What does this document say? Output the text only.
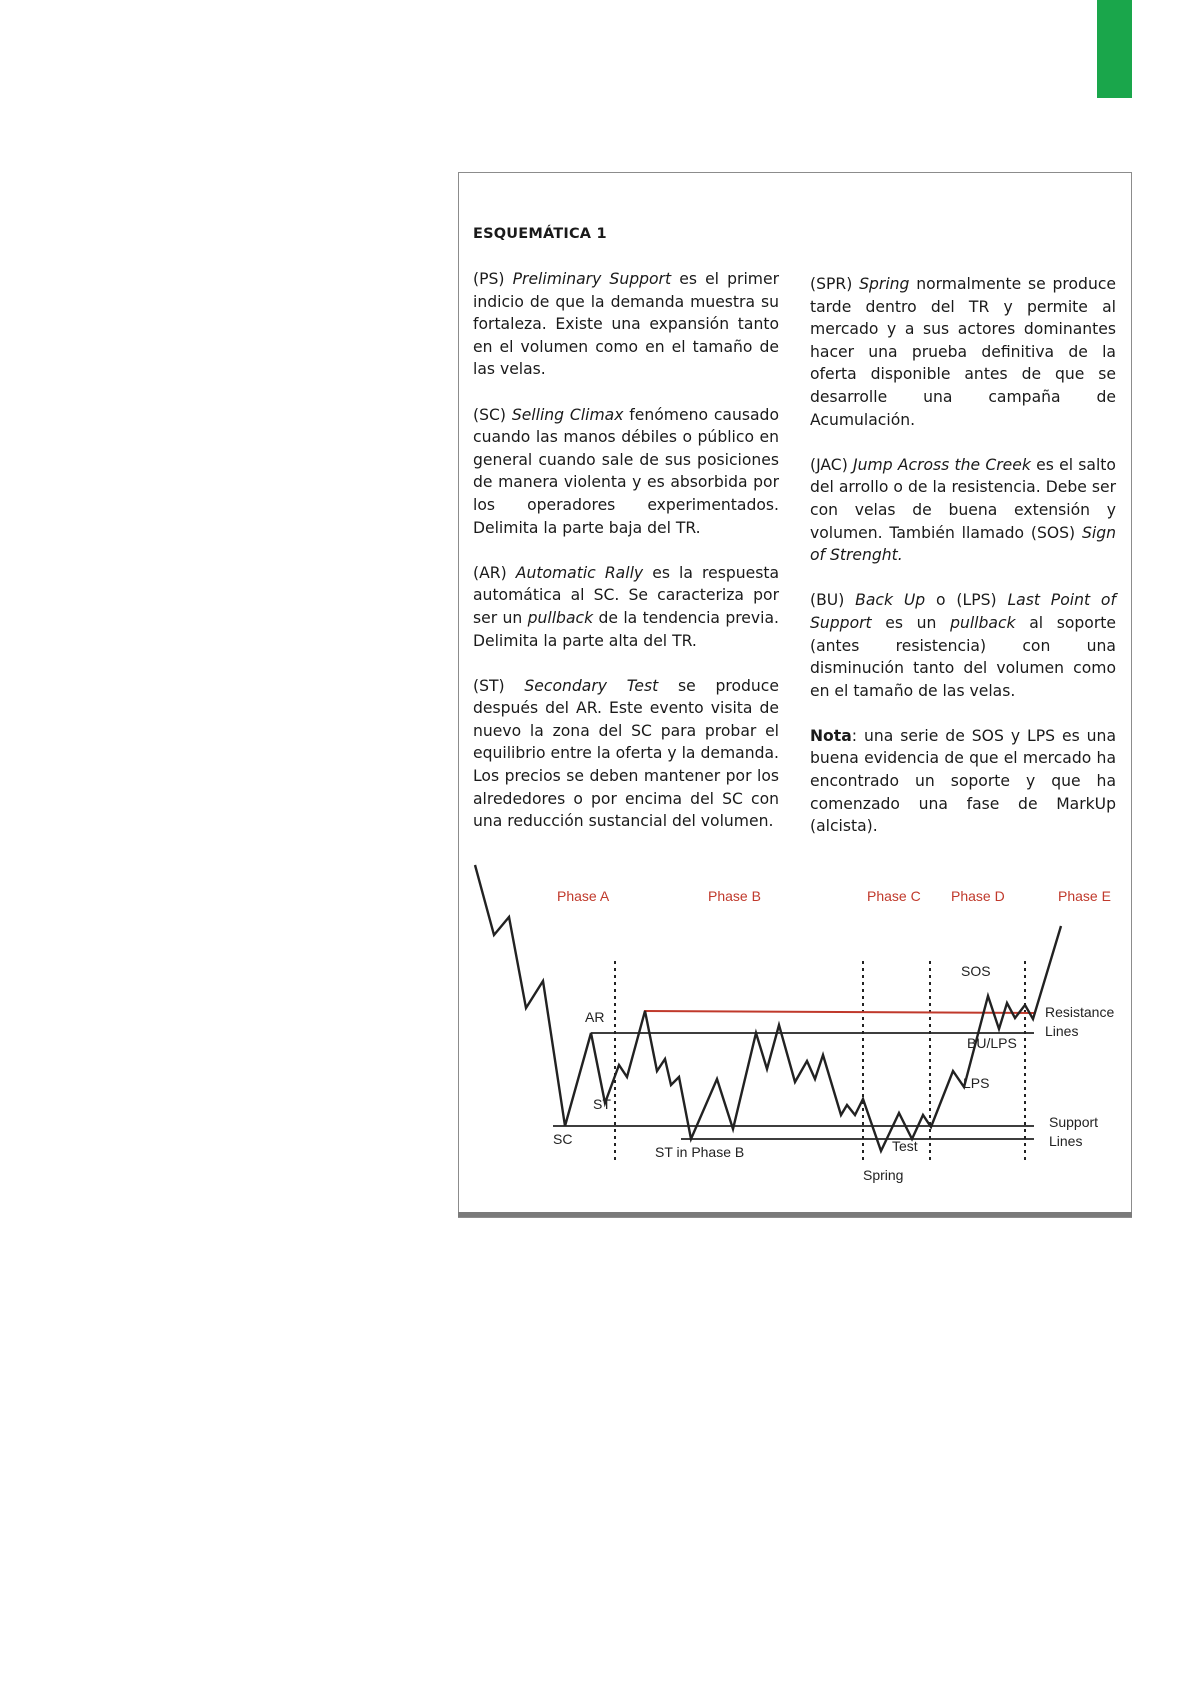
ESQUEMÁTICA 1

(PS) Preliminary Support es el primer indicio de que la demanda muestra su fortaleza. Existe una expansión tanto en el volumen como en el tamaño de las velas.

(SC) Selling Climax fenómeno causado cuando las manos débiles o público en general cuando sale de sus posiciones de manera violenta y es absorbida por los operadores experimentados. Delimita la parte baja del TR.

(AR) Automatic Rally es la respuesta automática al SC. Se caracteriza por ser un pullback de la tendencia previa. Delimita la parte alta del TR.

(ST) Secondary Test se produce después del AR. Este evento visita de nuevo la zona del SC para probar el equilibrio entre la oferta y la demanda. Los precios se deben mantener por los alrededores o por encima del SC con una reducción sustancial del volumen.

(SPR) Spring normalmente se produce tarde dentro del TR y permite al mercado y a sus actores dominantes hacer una prueba definitiva de la oferta disponible antes de que se desarrolle una campaña de Acumulación.

(JAC) Jump Across the Creek es el salto del arrollo o de la resistencia. Debe ser con velas de buena extensión y volumen. También llamado (SOS) Sign of Strenght.

(BU) Back Up o (LPS) Last Point of Support es un pullback al soporte (antes resistencia) con una disminución tanto del volumen como en el tamaño de las velas.

Nota: una serie de SOS y LPS es una buena evidencia de que el mercado ha encontrado un soporte y que ha comenzado una fase de MarkUp (alcista).

Phase A	Phase B	Phase C Phase D	Phase E
AR
ST
SC
ST in Phase B
Spring
Test
SOS
BU/LPS
LPS
Resistance
Lines
Support
Lines
